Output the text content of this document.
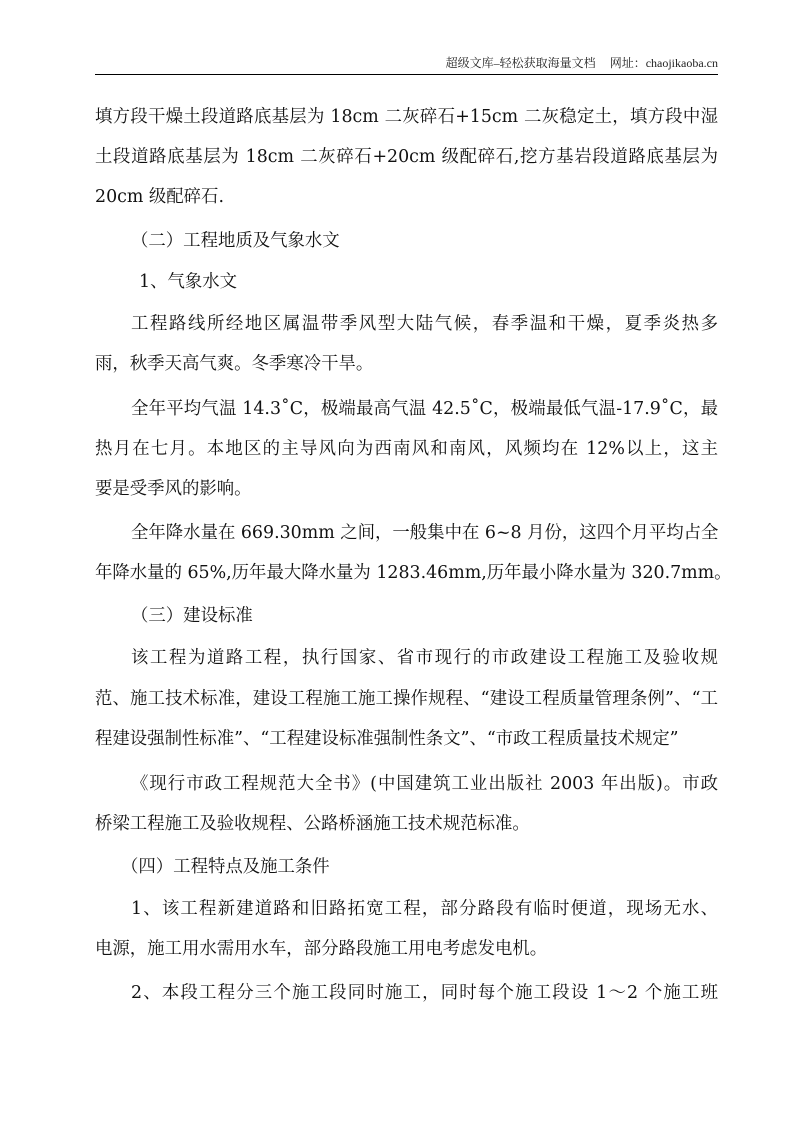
超级文库–轻松获取海量文档 网址：chaojikaoba.cn
填方段干燥土段道路底基层为 18cm 二灰碎石+15cm 二灰稳定土，填方段中湿
土段道路底基层为 18cm 二灰碎石+20cm 级配碎石,挖方基岩段道路底基层为
20cm 级配碎石.
（二）工程地质及气象水文
1、气象水文
工程路线所经地区属温带季风型大陆气候，春季温和干燥，夏季炎热多
雨，秋季天高气爽。冬季寒冷干旱。
全年平均气温 14.3˚C，极端最高气温 42.5˚C，极端最低气温-17.9˚C，最
热月在七月。本地区的主导风向为西南风和南风，风频均在 12%以上，这主
要是受季风的影响。
全年降水量在 669.30mm 之间，一般集中在 6~8 月份，这四个月平均占全
年降水量的 65%,历年最大降水量为 1283.46mm,历年最小降水量为 320.7mm。
（三）建设标准
该工程为道路工程，执行国家、省市现行的市政建设工程施工及验收规
范、施工技术标准，建设工程施工施工操作规程、“建设工程质量管理条例”、“工
程建设强制性标准”、“工程建设标准强制性条文”、“市政工程质量技术规定”
《现行市政工程规范大全书》(中国建筑工业出版社 2003 年出版)。市政
桥梁工程施工及验收规程、公路桥涵施工技术规范标准。
（四）工程特点及施工条件
1、该工程新建道路和旧路拓宽工程，部分路段有临时便道，现场无水、
电源，施工用水需用水车，部分路段施工用电考虑发电机。
2、本段工程分三个施工段同时施工，同时每个施工段设 1～2 个施工班
